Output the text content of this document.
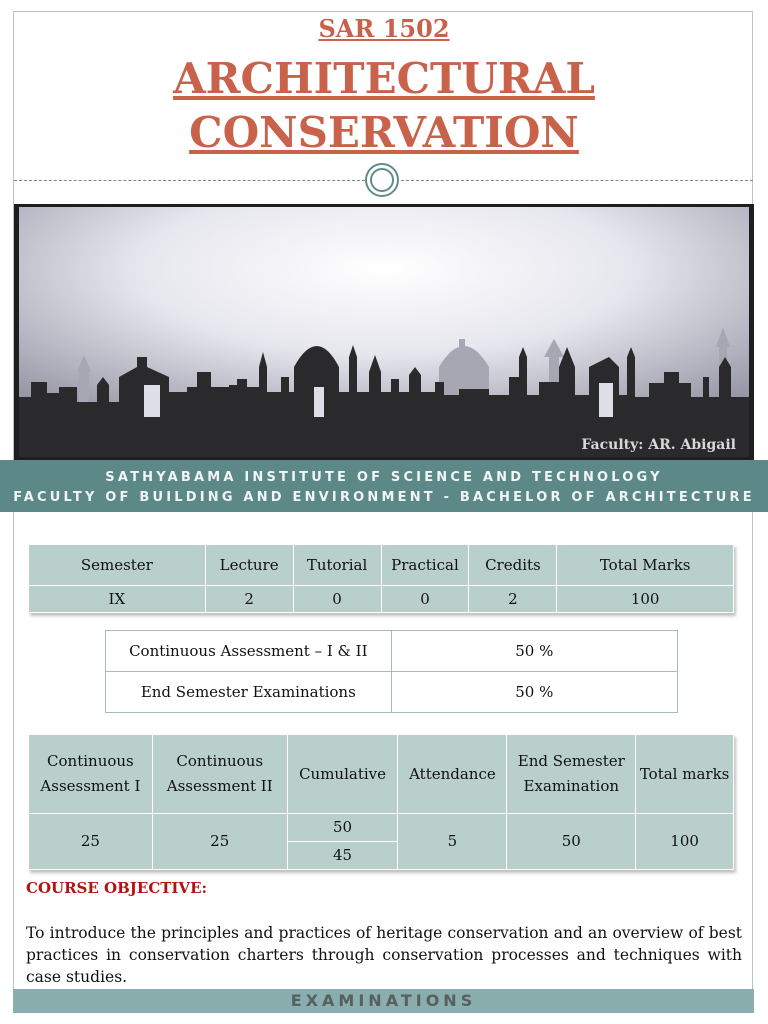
SAR 1502
ARCHITECTURAL
CONSERVATION
Faculty: AR. Abigail
SATHYABAMA INSTITUTE OF SCIENCE AND TECHNOLOGY
FACULTY OF BUILDING AND ENVIRONMENT - BACHELOR OF ARCHITECTURE
Semester	Lecture	Tutorial	Practical	Credits	Total Marks
IX	2	0	0	2	100
Continuous Assessment – I & II	50 %
End Semester Examinations	50 %
Continuous Assessment I	Continuous Assessment II	Cumulative	Attendance	End Semester Examination	Total marks
25	25	50	5	50	100
		45			
COURSE OBJECTIVE:
To introduce the principles and practices of heritage conservation and an overview of best practices in conservation charters through conservation processes and techniques with case studies.
EXAMINATIONS
